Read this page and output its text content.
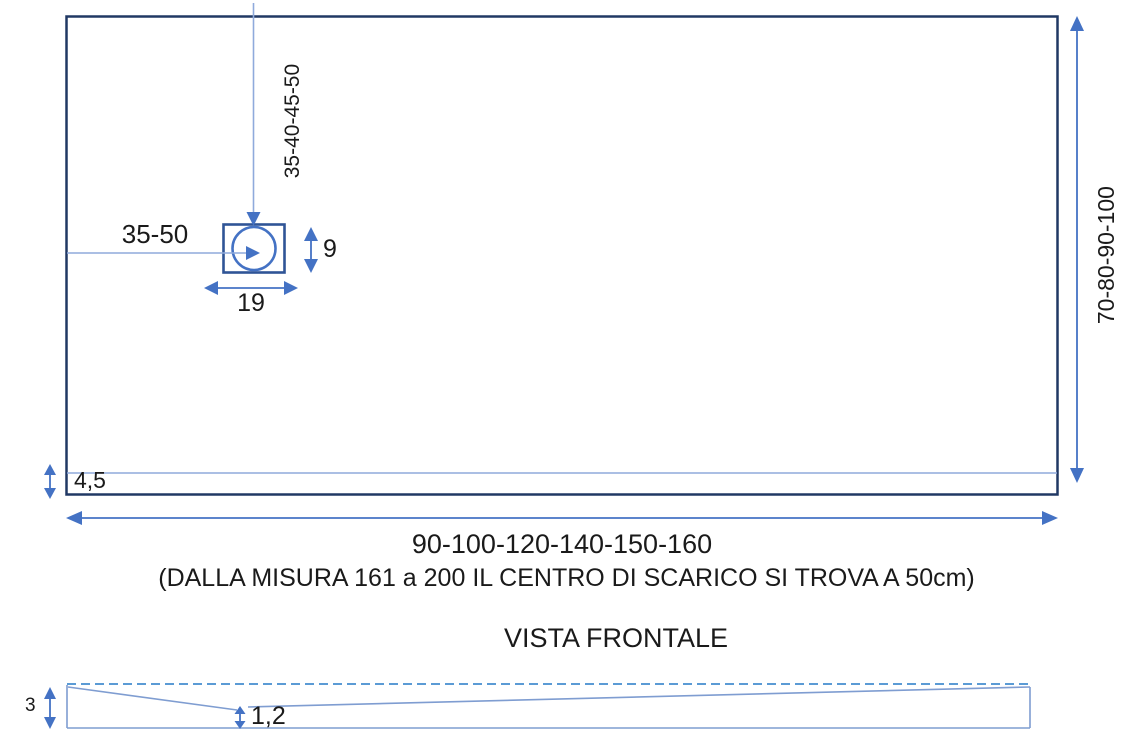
35-40-45-50
35-50	9
19	70-80-90-100
4,5
90-100-120-140-150-160
(DALLA MISURA 161 a 200 IL CENTRO DI SCARICO SI TROVA A 50cm)
VISTA FRONTALE
3	1,2
